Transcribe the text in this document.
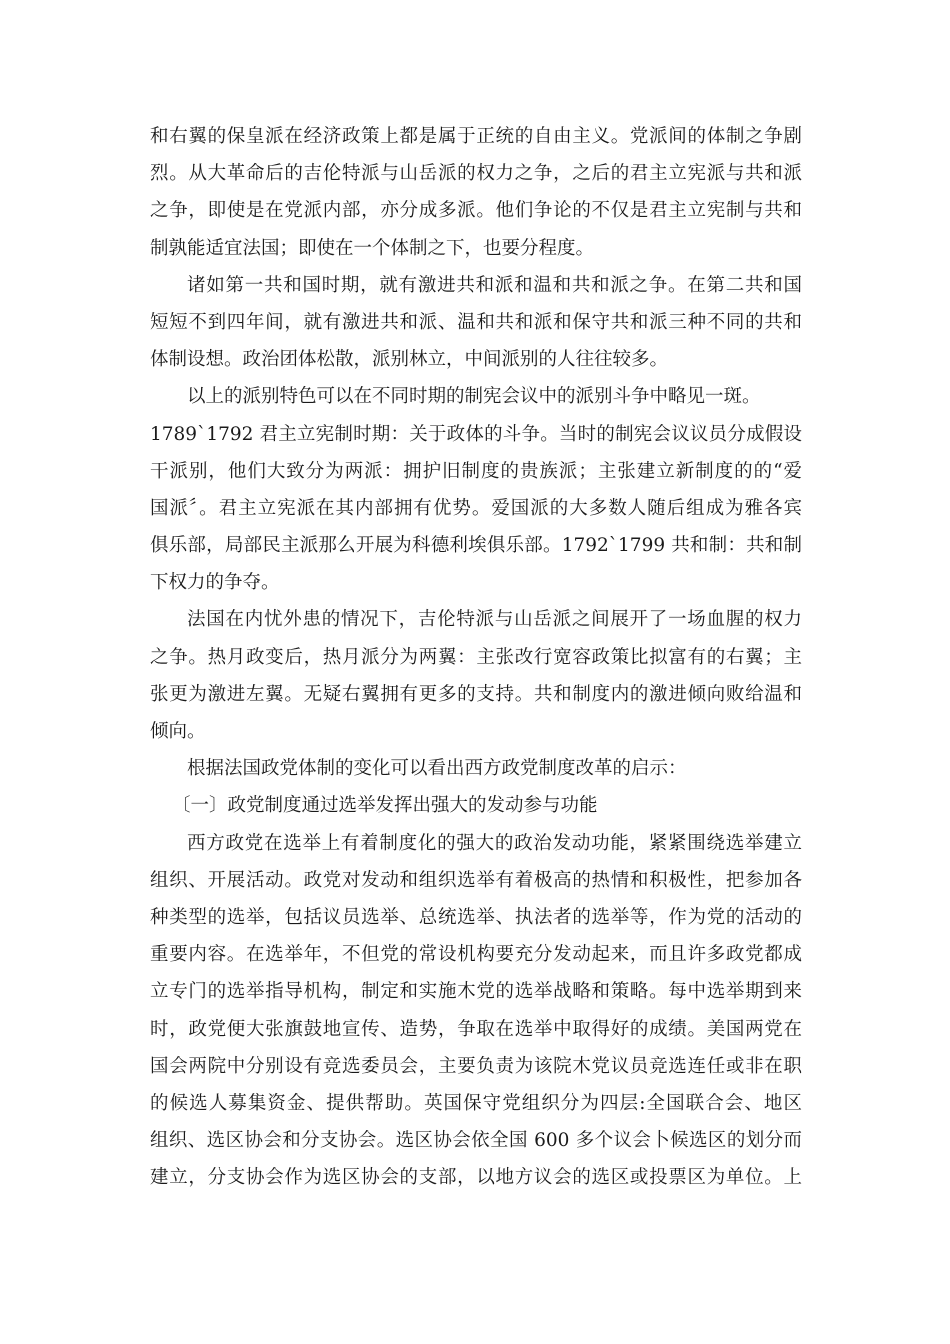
和右翼的保皇派在经济政策上都是属于正统的自由主义。党派间的体制之争剧
烈。从大革命后的吉伦特派与山岳派的权力之争，之后的君主立宪派与共和派
之争，即使是在党派内部，亦分成多派。他们争论的不仅是君主立宪制与共和
制孰能适宜法国；即使在一个体制之下，也要分程度。
诸如第一共和国时期，就有激进共和派和温和共和派之争。在第二共和国
短短不到四年间，就有激进共和派、温和共和派和保守共和派三种不同的共和
体制设想。政治团体松散，派别林立，中间派别的人往往较多。
以上的派别特色可以在不同时期的制宪会议中的派别斗争中略见一斑。
1789`1792 君主立宪制时期：关于政体的斗争。当时的制宪会议议员分成假设
干派别，他们大致分为两派：拥护旧制度的贵族派；主张建立新制度的的“爱
国派〞。君主立宪派在其内部拥有优势。爱国派的大多数人随后组成为雅各宾
俱乐部，局部民主派那么开展为科德利埃俱乐部。1792`1799 共和制：共和制
下权力的争夺。
法国在内忧外患的情况下，吉伦特派与山岳派之间展开了一场血腥的权力
之争。热月政变后，热月派分为两翼：主张改行宽容政策比拟富有的右翼；主
张更为激进左翼。无疑右翼拥有更多的支持。共和制度内的激进倾向败给温和
倾向。
根据法国政党体制的变化可以看出西方政党制度改革的启示：
〔一〕政党制度通过选举发挥出强大的发动参与功能
西方政党在选举上有着制度化的强大的政治发动功能，紧紧围绕选举建立
组织、开展活动。政党对发动和组织选举有着极高的热情和积极性，把参加各
种类型的选举，包括议员选举、总统选举、执法者的选举等，作为党的活动的
重要内容。在选举年，不但党的常设机构要充分发动起来，而且许多政党都成
立专门的选举指导机构，制定和实施木党的选举战略和策略。每中选举期到来
时，政党便大张旗鼓地宣传、造势，争取在选举中取得好的成绩。美国两党在
国会两院中分别设有竞选委员会，主要负责为该院木党议员竞选连任或非在职
的候选人募集资金、提供帮助。英国保守党组织分为四层:全国联合会、地区
组织、选区协会和分支协会。选区协会依全国 600 多个议会卜候选区的划分而
建立，分支协会作为选区协会的支部，以地方议会的选区或投票区为单位。上
